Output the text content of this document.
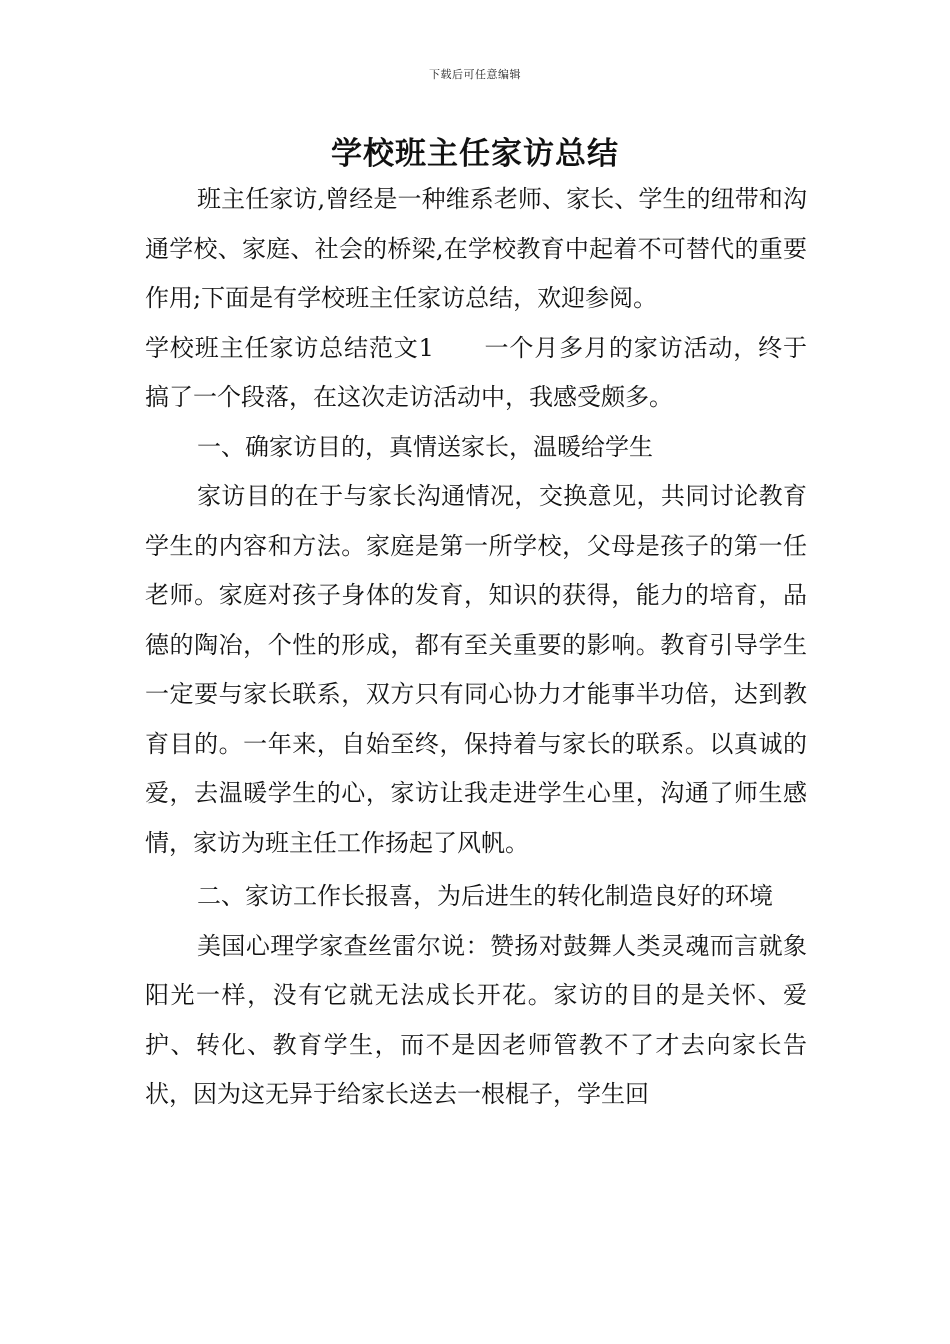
下载后可任意编辑
学校班主任家访总结

班主任家访,曾经是一种维系老师、家长、学生的纽带和沟通学校、家庭、社会的桥梁,在学校教育中起着不可替代的重要作用;下面是有学校班主任家访总结，欢迎参阅。

学校班主任家访总结范文1　　一个月多月的家访活动，终于搞了一个段落，在这次走访活动中，我感受颇多。

一、确家访目的，真情送家长，温暖给学生

家访目的在于与家长沟通情况，交换意见，共同讨论教育学生的内容和方法。家庭是第一所学校，父母是孩子的第一任老师。家庭对孩子身体的发育，知识的获得，能力的培育，品德的陶冶，个性的形成，都有至关重要的影响。教育引导学生一定要与家长联系，双方只有同心协力才能事半功倍，达到教育目的。一年来，自始至终，保持着与家长的联系。以真诚的爱，去温暖学生的心，家访让我走进学生心里，沟通了师生感情，家访为班主任工作扬起了风帆。

二、家访工作长报喜，为后进生的转化制造良好的环境

美国心理学家查丝雷尔说：赞扬对鼓舞人类灵魂而言就象阳光一样，没有它就无法成长开花。家访的目的是关怀、爱护、转化、教育学生，而不是因老师管教不了才去向家长告状，因为这无异于给家长送去一根棍子，学生回
